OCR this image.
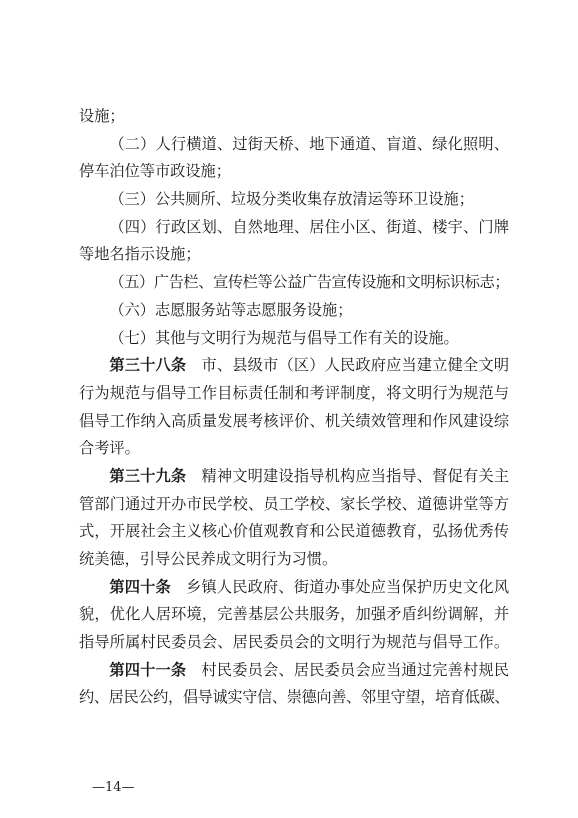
设施；
（二）人行横道、过街天桥、地下通道、盲道、绿化照明、
停车泊位等市政设施；
（三）公共厕所、垃圾分类收集存放清运等环卫设施；
（四）行政区划、自然地理、居住小区、街道、楼宇、门牌
等地名指示设施；
（五）广告栏、宣传栏等公益广告宣传设施和文明标识标志；
（六）志愿服务站等志愿服务设施；
（七）其他与文明行为规范与倡导工作有关的设施。
第三十八条 市、县级市（区）人民政府应当建立健全文明
行为规范与倡导工作目标责任制和考评制度，将文明行为规范与
倡导工作纳入高质量发展考核评价、机关绩效管理和作风建设综
合考评。
第三十九条 精神文明建设指导机构应当指导、督促有关主
管部门通过开办市民学校、员工学校、家长学校、道德讲堂等方
式，开展社会主义核心价值观教育和公民道德教育，弘扬优秀传
统美德，引导公民养成文明行为习惯。
第四十条 乡镇人民政府、街道办事处应当保护历史文化风
貌，优化人居环境，完善基层公共服务，加强矛盾纠纷调解，并
指导所属村民委员会、居民委员会的文明行为规范与倡导工作。
第四十一条 村民委员会、居民委员会应当通过完善村规民
约、居民公约，倡导诚实守信、崇德向善、邻里守望，培育低碳、
—14—
